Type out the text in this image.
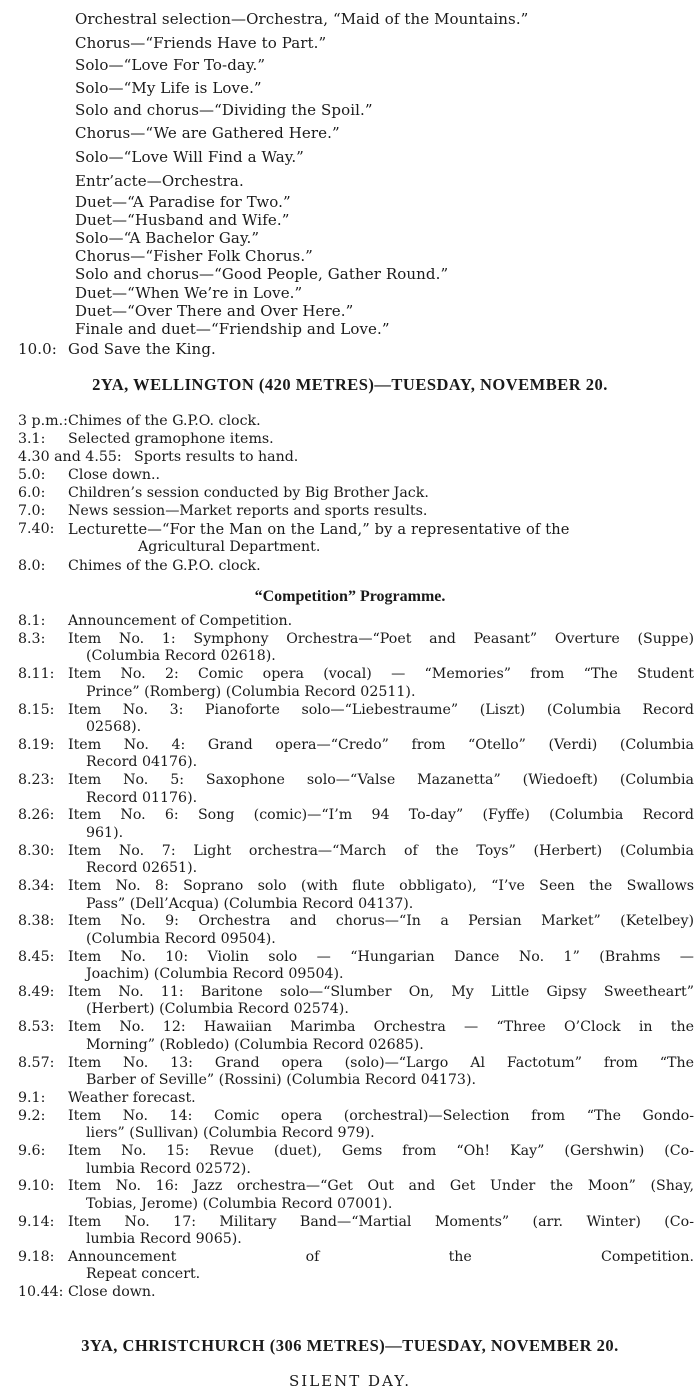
Orchestral selection—Orchestra, “Maid of the Mountains.”
Chorus—“Friends Have to Part.”
Solo—“Love For To-day.”
Solo—“My Life is Love.”
Solo and chorus—“Dividing the Spoil.”
Chorus—“We are Gathered Here.”
Solo—“Love Will Find a Way.”
Entr’acte—Orchestra.
Duet—“A Paradise for Two.”
Duet—“Husband and Wife.”
Solo—“A Bachelor Gay.”
Chorus—“Fisher Folk Chorus.”
Solo and chorus—“Good People, Gather Round.”
Duet—“When We’re in Love.”
Duet—“Over There and Over Here.”
Finale and duet—“Friendship and Love.”
10.0: God Save the King.
2YA, WELLINGTON (420 METRES)—TUESDAY, NOVEMBER 20.
3 p.m.: Chimes of the G.P.O. clock.
3.1: Selected gramophone items.
4.30 and 4.55: Sports results to hand.
5.0: Close down..
6.0: Children’s session conducted by Big Brother Jack.
7.0: News session—Market reports and sports results.
7.40: Lecturette—“For the Man on the Land,” by a representative of the
Agricultural Department.
8.0: Chimes of the G.P.O. clock.
“Competition” Programme.
8.1: Announcement of Competition.
8.3: Item No. 1: Symphony Orchestra—“Poet and Peasant” Overture (Suppe)
(Columbia Record 02618).
8.11: Item No. 2: Comic opera (vocal) — “Memories” from “The Student
Prince” (Romberg) (Columbia Record 02511).
8.15: Item No. 3: Pianoforte solo—“Liebestraume” (Liszt) (Columbia Record
02568).
8.19: Item No. 4: Grand opera—“Credo” from “Otello” (Verdi) (Columbia
Record 04176).
8.23: Item No. 5: Saxophone solo—“Valse Mazanetta” (Wiedoeft) (Columbia
Record 01176).
8.26: Item No. 6: Song (comic)—“I’m 94 To-day” (Fyffe) (Columbia Record
961).
8.30: Item No. 7: Light orchestra—“March of the Toys” (Herbert) (Columbia
Record 02651).
8.34: Item No. 8: Soprano solo (with flute obbligato), “I’ve Seen the Swallows
Pass” (Dell’Acqua) (Columbia Record 04137).
8.38: Item No. 9: Orchestra and chorus—“In a Persian Market” (Ketelbey)
(Columbia Record 09504).
8.45: Item No. 10: Violin solo — “Hungarian Dance No. 1” (Brahms —
Joachim) (Columbia Record 09504).
8.49: Item No. 11: Baritone solo—“Slumber On, My Little Gipsy Sweetheart”
(Herbert) (Columbia Record 02574).
8.53: Item No. 12: Hawaiian Marimba Orchestra — “Three O’Clock in the
Morning” (Robledo) (Columbia Record 02685).
8.57: Item No. 13: Grand opera (solo)—“Largo Al Factotum” from “The
Barber of Seville” (Rossini) (Columbia Record 04173).
9.1: Weather forecast.
9.2: Item No. 14: Comic opera (orchestral)—Selection from “The Gondo-
liers” (Sullivan) (Columbia Record 979).
9.6: Item No. 15: Revue (duet), Gems from “Oh! Kay” (Gershwin) (Co-
lumbia Record 02572).
9.10: Item No. 16: Jazz orchestra—“Get Out and Get Under the Moon” (Shay,
Tobias, Jerome) (Columbia Record 07001).
9.14: Item No. 17: Military Band—“Martial Moments” (arr. Winter) (Co-
lumbia Record 9065).
9.18: Announcement of the Competition.
Repeat concert.
10.44: Close down.
3YA, CHRISTCHURCH (306 METRES)—TUESDAY, NOVEMBER 20.
SILENT DAY.
